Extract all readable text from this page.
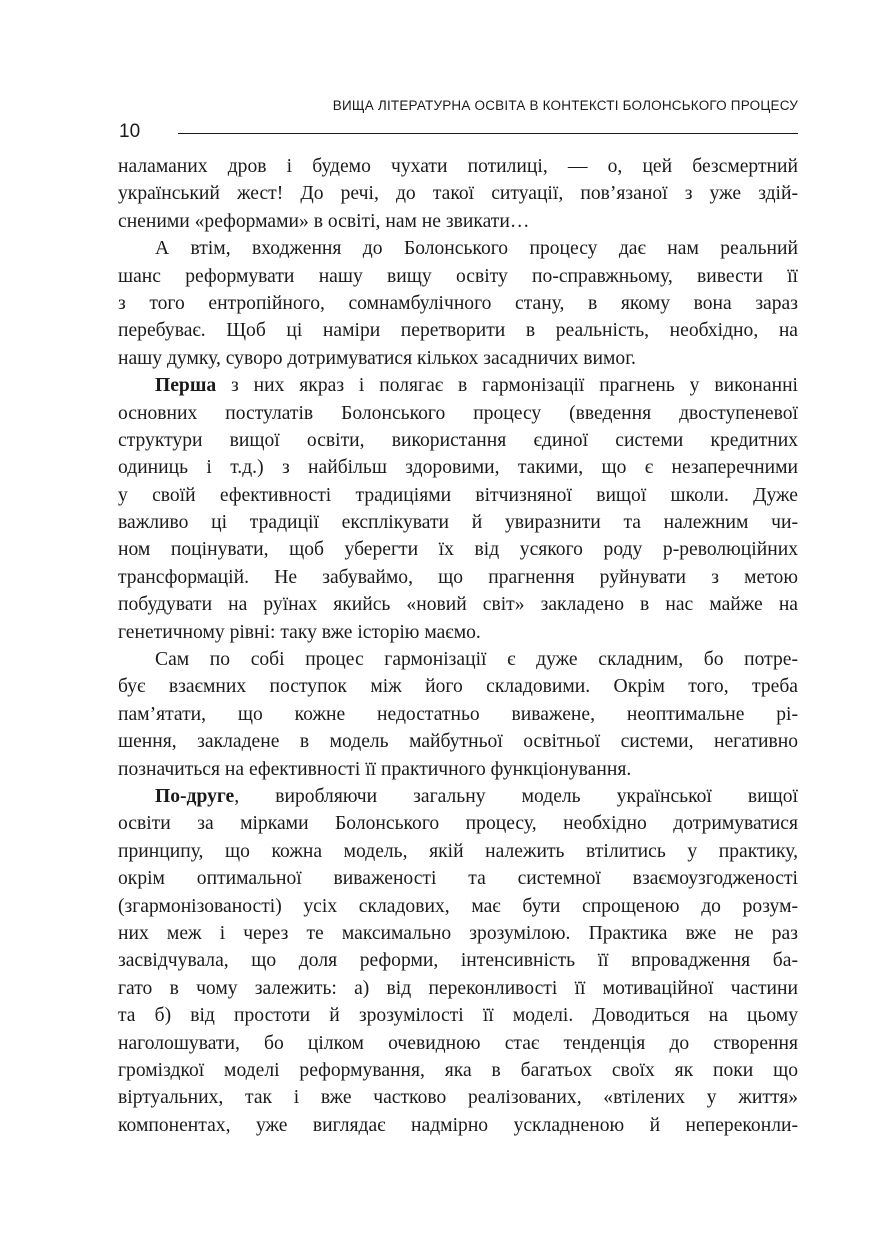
ВИЩА ЛІТЕРАТУРНА ОСВІТА В КОНТЕКСТІ БОЛОНСЬКОГО ПРОЦЕСУ
10
наламаних дров і будемо чухати потилиці, — о, цей безсмертний
український жест! До речі, до такої ситуації, пов’язаної з уже здій-
сненими «реформами» в освіті, нам не звикати…
А втім, входження до Болонського процесу дає нам реальний
шанс реформувати нашу вищу освіту по-справжньому, вивести її
з того ентропійного, сомнамбулічного стану, в якому вона зараз
перебуває. Щоб ці наміри перетворити в реальність, необхідно, на
нашу думку, суворо дотримуватися кількох засадничих вимог.
Перша з них якраз і полягає в гармонізації прагнень у виконанні
основних постулатів Болонського процесу (введення двоступеневої
структури вищої освіти, використання єдиної системи кредитних
одиниць і т.д.) з найбільш здоровими, такими, що є незаперечними
у своїй ефективності традиціями вітчизняної вищої школи. Дуже
важливо ці традиції експлікувати й увиразнити та належним чи-
ном поцінувати, щоб уберегти їх від усякого роду р-революційних
трансформацій. Не забуваймо, що прагнення руйнувати з метою
побудувати на руїнах якийсь «новий світ» закладено в нас майже на
генетичному рівні: таку вже історію маємо.
Сам по собі процес гармонізації є дуже складним, бо потре-
бує взаємних поступок між його складовими. Окрім того, треба
пам’ятати, що кожне недостатньо виважене, неоптимальне рі-
шення, закладене в модель майбутньої освітньої системи, негативно
позначиться на ефективності її практичного функціонування.
По-друге, виробляючи загальну модель української вищої
освіти за мірками Болонського процесу, необхідно дотримуватися
принципу, що кожна модель, якій належить втілитись у практику,
окрім оптимальної виваженості та системної взаємоузгодженості
(згармонізованості) усіх складових, має бути спрощеною до розум-
них меж і через те максимально зрозумілою. Практика вже не раз
засвідчувала, що доля реформи, інтенсивність її впровадження ба-
гато в чому залежить: а) від переконливості її мотиваційної частини
та б) від простоти й зрозумілості її моделі. Доводиться на цьому
наголошувати, бо цілком очевидною стає тенденція до створення
громіздкої моделі реформування, яка в багатьох своїх як поки що
віртуальних, так і вже частково реалізованих, «втілених у життя»
компонентах, уже виглядає надмірно ускладненою й непереконли-
